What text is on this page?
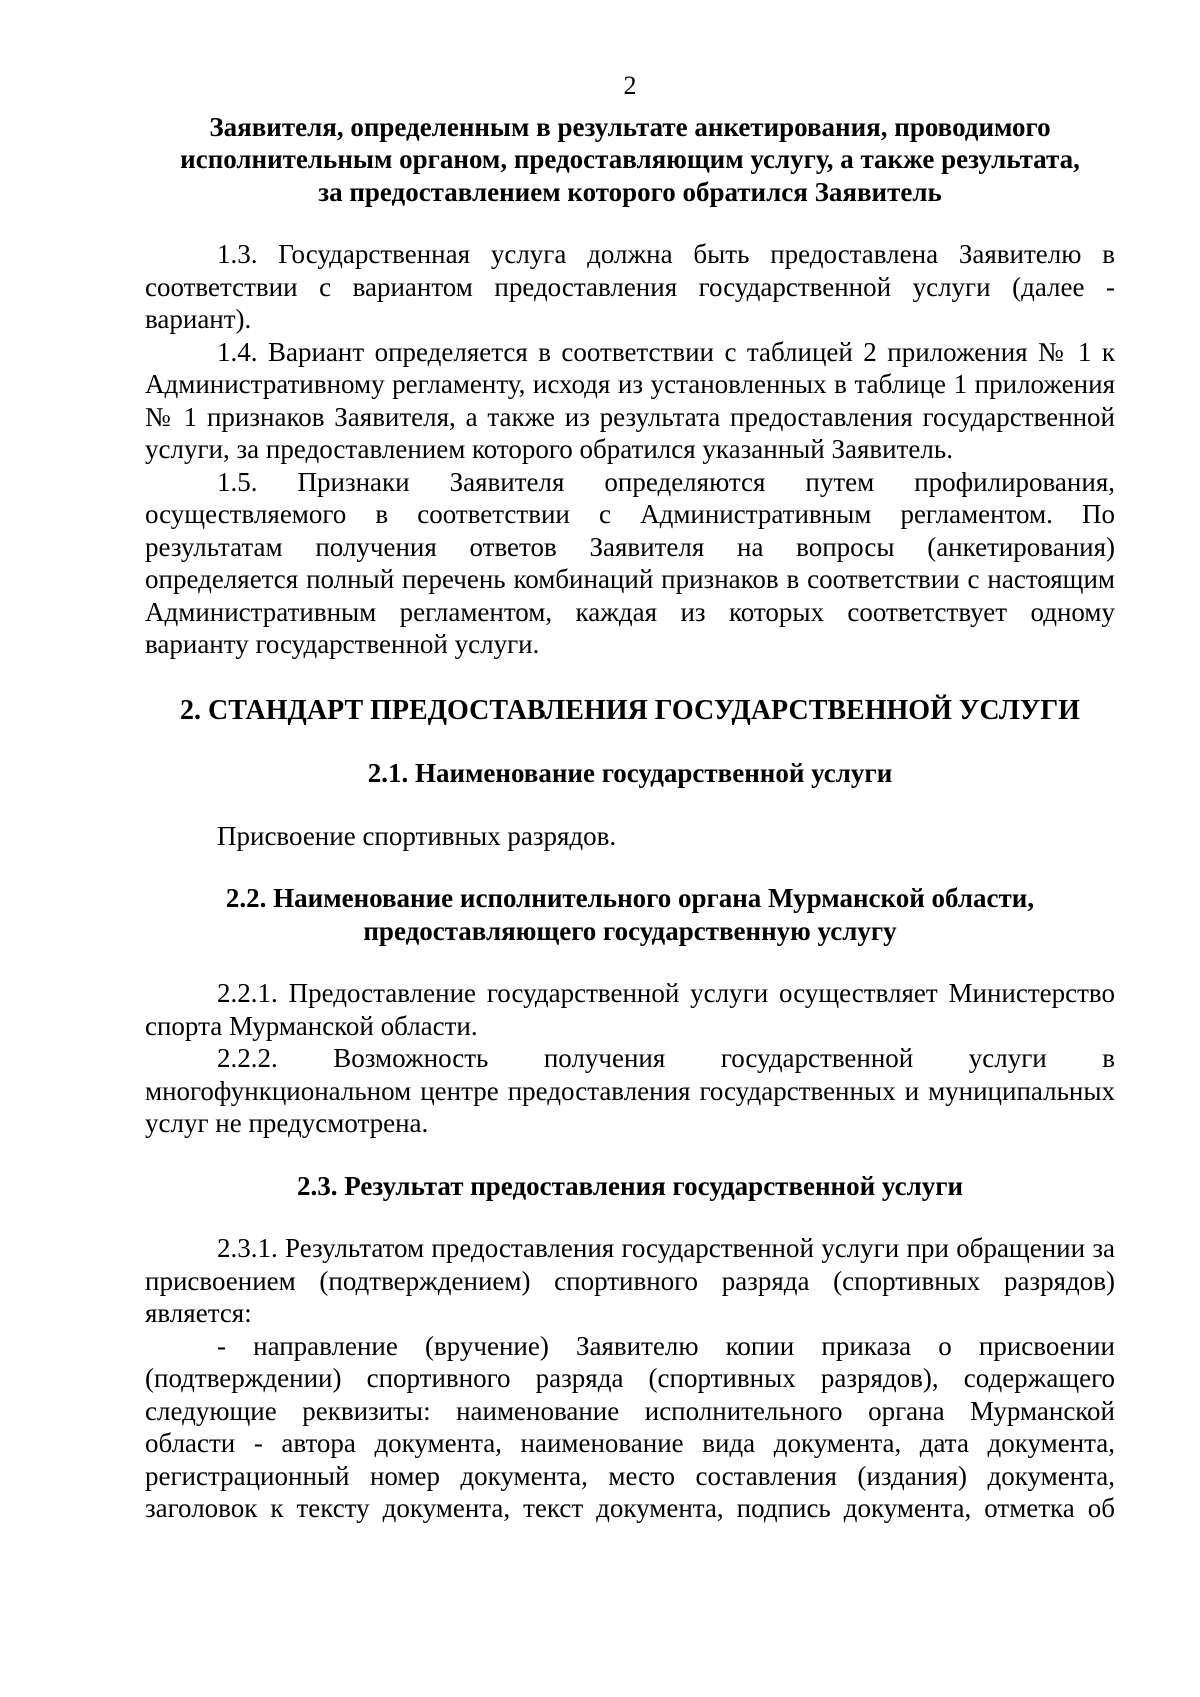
2

Заявителя, определенным в результате анкетирования, проводимого

исполнительным органом, предоставляющим услугу, а также результата,

за предоставлением которого обратился Заявитель

1.3. Государственная услуга должна быть предоставлена Заявителю в соответствии с вариантом предоставления государственной услуги (далее - вариант).

1.4. Вариант определяется в соответствии с таблицей 2 приложения № 1 к Административному регламенту, исходя из установленных в таблице 1 приложения № 1 признаков Заявителя, а также из результата предоставления государственной услуги, за предоставлением которого обратился указанный Заявитель.

1.5. Признаки Заявителя определяются путем профилирования, осуществляемого в соответствии с Административным регламентом. По результатам получения ответов Заявителя на вопросы (анкетирования) определяется полный перечень комбинаций признаков в соответствии с настоящим Административным регламентом, каждая из которых соответствует одному варианту государственной услуги.

2. СТАНДАРТ ПРЕДОСТАВЛЕНИЯ ГОСУДАРСТВЕННОЙ УСЛУГИ

2.1. Наименование государственной услуги

Присвоение спортивных разрядов.

2.2. Наименование исполнительного органа Мурманской области,

предоставляющего государственную услугу

2.2.1. Предоставление государственной услуги осуществляет Министерство спорта Мурманской области.

2.2.2. Возможность получения государственной услуги в многофункциональном центре предоставления государственных и муниципальных услуг не предусмотрена.

2.3. Результат предоставления государственной услуги

2.3.1. Результатом предоставления государственной услуги при обращении за присвоением (подтверждением) спортивного разряда (спортивных разрядов) является:

- направление (вручение) Заявителю копии приказа о присвоении (подтверждении) спортивного разряда (спортивных разрядов), содержащего следующие реквизиты: наименование исполнительного органа Мурманской области - автора документа, наименование вида документа, дата документа, регистрационный номер документа, место составления (издания) документа, заголовок к тексту документа, текст документа, подпись документа, отметка об
